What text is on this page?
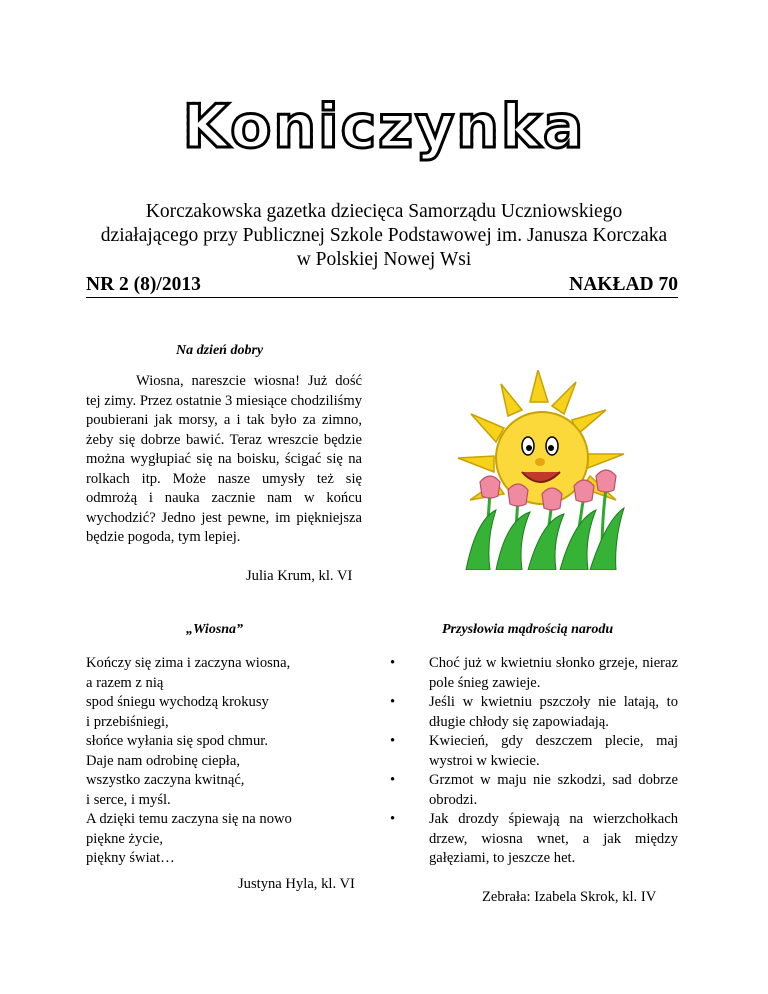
Koniczynka
Korczakowska gazetka dziecięca Samorządu Uczniowskiego
działającego przy Publicznej Szkole Podstawowej im. Janusza Korczaka
w Polskiej Nowej Wsi
NR 2 (8)/2013	NAKŁAD 70
Na dzień dobry
Wiosna, nareszcie wiosna! Już dość tej zimy. Przez ostatnie 3 miesiące chodziliśmy poubierani jak morsy, a i tak było za zimno, żeby się dobrze bawić. Teraz wreszcie będzie można wygłupiać się na boisku, ścigać się na rolkach itp. Może nasze umysły też się odmrożą i nauka zacznie nam w końcu wychodzić? Jedno jest pewne, im piękniejsza będzie pogoda, tym lepiej.
Julia Krum, kl. VI
„Wiosna”
Kończy się zima i zaczyna wiosna,
a razem z nią
spod śniegu wychodzą krokusy
i przebiśniegi,
słońce wyłania się spod chmur.
Daje nam odrobinę ciepła,
wszystko zaczyna kwitnąć,
i serce, i myśl.
A dzięki temu zaczyna się na nowo
piękne życie,
piękny świat…
Justyna Hyla, kl. VI
Przysłowia mądrością narodu
• Choć już w kwietniu słonko grzeje, nieraz pole śnieg zawieje.
• Jeśli w kwietniu pszczoły nie latają, to długie chłody się zapowiadają.
• Kwiecień, gdy deszczem plecie, maj wystroi w kwiecie.
• Grzmot w maju nie szkodzi, sad dobrze obrodzi.
• Jak drozdy śpiewają na wierzchołkach drzew, wiosna wnet, a jak między gałęziami, to jeszcze het.
Zebrała: Izabela Skrok, kl. IV
